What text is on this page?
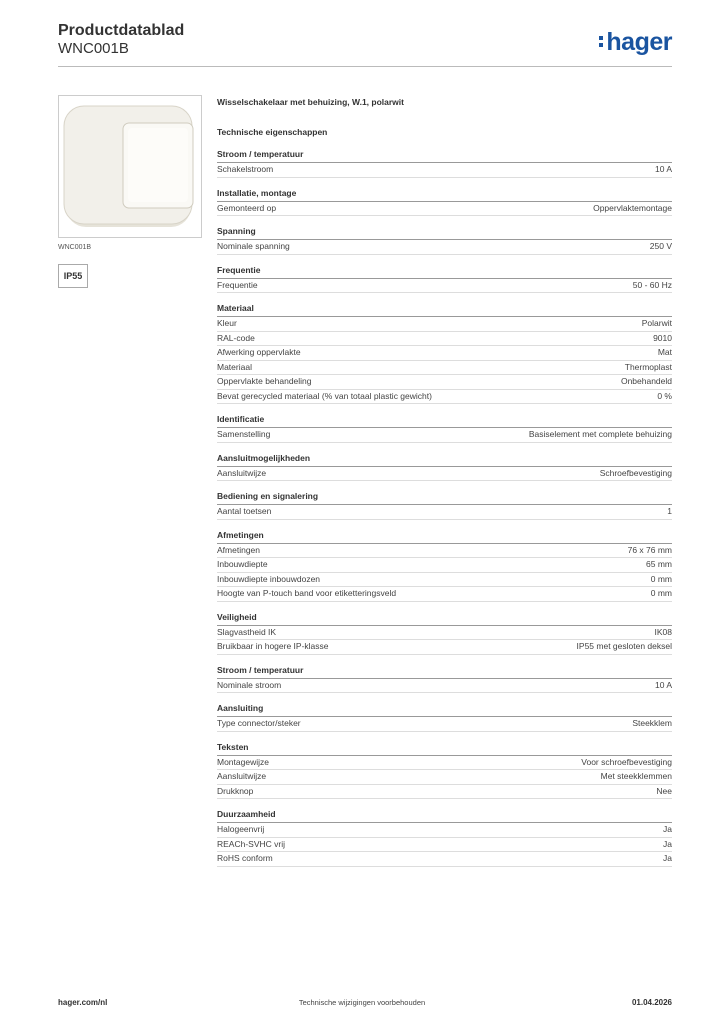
Productdatablad
WNC001B	hager
WNC001B
IP55
Wisselschakelaar met behuizing, W.1, polarwit
Technische eigenschappen
Stroom / temperatuur
Schakelstroom	10 A
Installatie, montage
Gemonteerd op	Oppervlaktemontage
Spanning
Nominale spanning	250 V
Frequentie
Frequentie	50 - 60 Hz
Materiaal
Kleur	Polarwit
RAL-code	9010
Afwerking oppervlakte	Mat
Materiaal	Thermoplast
Oppervlakte behandeling	Onbehandeld
Bevat gerecycled materiaal (% van totaal plastic gewicht)	0 %
Identificatie
Samenstelling	Basiselement met complete behuizing
Aansluitmogelijkheden
Aansluitwijze	Schroefbevestiging
Bediening en signalering
Aantal toetsen	1
Afmetingen
Afmetingen	76 x 76 mm
Inbouwdiepte	65 mm
Inbouwdiepte inbouwdozen	0 mm
Hoogte van P-touch band voor etiketteringsveld	0 mm
Veiligheid
Slagvastheid IK	IK08
Bruikbaar in hogere IP-klasse	IP55 met gesloten deksel
Stroom / temperatuur
Nominale stroom	10 A
Aansluiting
Type connector/steker	Steekklem
Teksten
Montagewijze	Voor schroefbevestiging
Aansluitwijze	Met steekklemmen
Drukknop	Nee
Duurzaamheid
Halogeenvrij	Ja
REACh-SVHC vrij	Ja
RoHS conform	Ja
hager.com/nl	Technische wijzigingen voorbehouden	01.04.2026
